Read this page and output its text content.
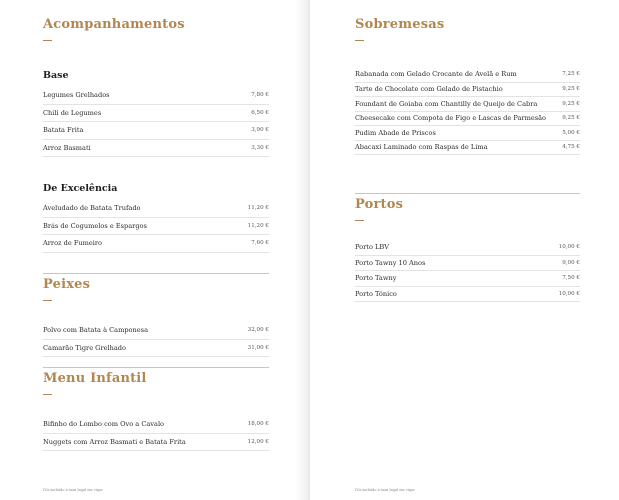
Acompanhamentos
Base
Legumes Grelhados	7,80 €
Chili de Legumes	6,50 €
Batata Frita	3,90 €
Arroz Basmati	3,30 €
De Excelência
Aveludado de Batata Trufado	11,20 €
Brás de Cogumelos e Espargos	11,20 €
Arroz de Fumeiro	7,60 €
Peixes
Polvo com Batata à Camponesa	32,00 €
Camarão Tigre Grelhado	31,00 €
Menu Infantil
Bifinho do Lombo com Ovo a Cavalo	18,00 €
Nuggets com Arroz Basmati e Batata Frita	12,00 €
IVA incluído à taxa legal em vigor
Sobremesas
Rabanada com Gelado Crocante de Avelã e Rum	7,25 €
Tarte de Chocolate com Gelado de Pistachio	9,25 €
Foundant de Goiaba com Chantilly de Queijo de Cabra	9,25 €
Cheesecake com Compota de Figo e Lascas de Parmesão	9,25 €
Pudim Abade de Priscos	5,00 €
Abacaxi Laminado com Raspas de Lima	4,75 €
Portos
Porto LBV	10,00 €
Porto Tawny 10 Anos	9,00 €
Porto Tawny	7,50 €
Porto Tónico	10,00 €
IVA incluído à taxa legal em vigor
